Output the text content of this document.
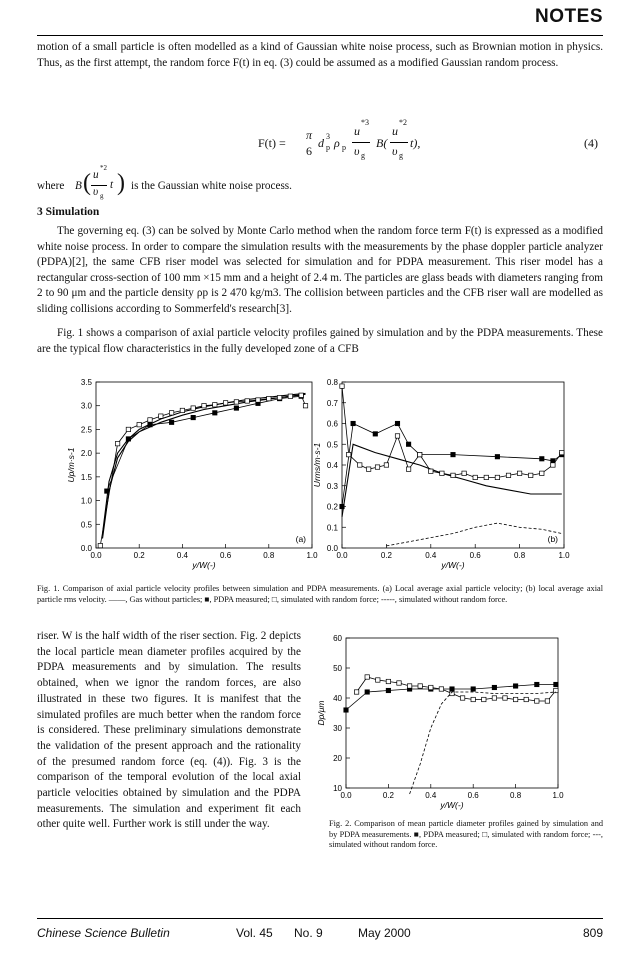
NOTES
motion of a small particle is often modelled as a kind of Gaussian white noise process, such as Brownian motion in physics. Thus, as the first attempt, the random force F(t) in eq. (3) could be assumed as a modified Gaussian random process.
F(t) =
π
6
d p
3 ρ p
u
*3
υ g
B(
u
*2
υ g
t),	(4)
where B ( u
*2
υ g
t ) is the Gaussian white noise process.
3 Simulation
The governing eq. (3) can be solved by Monte Carlo method when the random force term F(t) is expressed as a modified white noise process. In order to compare the simulation results with the measurements by the phase doppler particle analyzer (PDPA)[2], the same CFB riser model was selected for simulation and for PDPA measurement. This riser model has a rectangular cross-section of 100 mm ×15 mm and a height of 2.4 m. The particles are glass beads with diameters ranging from 2 to 90 μm and the particle density ρp is 2 470 kg/m3. The collision between particles and the CFB riser wall are modelled as sliding collisions according to Sommerfeld's research[3].
Fig. 1 shows a comparison of axial particle velocity profiles gained by simulation and by the PDPA measurements. These are the typical flow characteristics in the fully developed zone of a CFB
0.0	0.2	0.4	0.6	0.8	1.0
0.0
0.5
1.0
1.5
2.0
2.5
3.0
3.5
y/W(-)
Up/m·s-1
(a)
0.0	0.2	0.4	0.6	0.8	1.0
0.0
0.1
0.2
0.3
0.4
0.5
0.6
0.7
0.8
y/W(-)
Urms/m·s-1
(b)
Fig. 1. Comparison of axial particle velocity profiles between simulation and PDPA measurements. (a) Local average axial particle velocity; (b) local average axial particle rms velocity. ——, Gas without particles; ■, PDPA measured; □, simulated with random force; -----, simulated without random force.
riser. W is the half width of the riser section. Fig. 2 depicts the local particle mean diameter profiles acquired by the PDPA measurements and by simulation. The results obtained, when we ignor the random forces, are also illustrated in these two figures. It is manifest that the simulated profiles are much better when the random force is considered. These preliminary simulations demonstrate the validation of the present approach and the rationality of the presumed random force (eq. (4)). Fig. 3 is the comparison of the temporal evolution of the local axial particle velocities obtained by simulation and the PDPA measurements. The simulation and experiment fit each other quite well. Further work is still under the way.
0.0	0.2	0.4	0.6	0.8	1.0
10
20
30
40
50
60
y/W(-)
Dp/μm
Fig. 2. Comparison of mean particle diameter profiles gained by simulation and by PDPA measurements. ■, PDPA measured; □, simulated with random force; ---, simulated without random force.
Chinese Science Bulletin	Vol. 45 No. 9	May 2000	809
